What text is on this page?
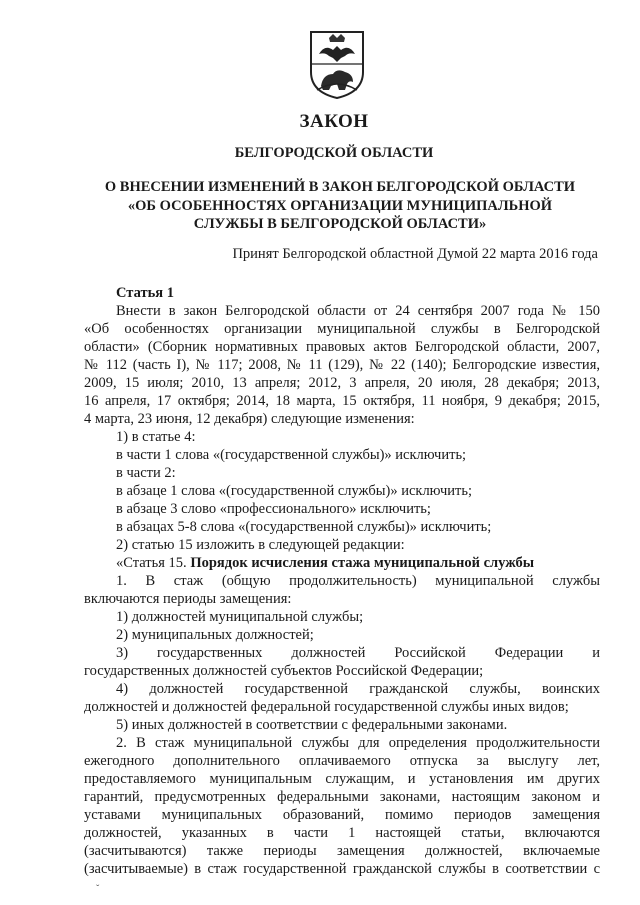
ЗАКОН
БЕЛГОРОДСКОЙ ОБЛАСТИ
О ВНЕСЕНИИ ИЗМЕНЕНИЙ В ЗАКОН БЕЛГОРОДСКОЙ ОБЛАСТИ
«ОБ ОСОБЕННОСТЯХ ОРГАНИЗАЦИИ МУНИЦИПАЛЬНОЙ
СЛУЖБЫ В БЕЛГОРОДСКОЙ ОБЛАСТИ»
Принят Белгородской областной Думой 22 марта 2016 года
Статья 1
Внести в закон Белгородской области от 24 сентября 2007 года № 150
«Об особенностях организации муниципальной службы в Белгородской
области» (Сборник нормативных правовых актов Белгородской области, 2007,
№ 112 (часть I), № 117; 2008, № 11 (129), № 22 (140); Белгородские известия,
2009, 15 июля; 2010, 13 апреля; 2012, 3 апреля, 20 июля, 28 декабря; 2013,
16 апреля, 17 октября; 2014, 18 марта, 15 октября, 11 ноября, 9 декабря; 2015,
4 марта, 23 июня, 12 декабря) следующие изменения:
1) в статье 4:
в части 1 слова «(государственной службы)» исключить;
в части 2:
в абзаце 1 слова «(государственной службы)» исключить;
в абзаце 3 слово «профессионального» исключить;
в абзацах 5-8 слова «(государственной службы)» исключить;
2) статью 15 изложить в следующей редакции:
«Статья 15. Порядок исчисления стажа муниципальной службы
1. В стаж (общую продолжительность) муниципальной службы
включаются периоды замещения:
1) должностей муниципальной службы;
2) муниципальных должностей;
3) государственных должностей Российской Федерации и
государственных должностей субъектов Российской Федерации;
4) должностей государственной гражданской службы, воинских
должностей и должностей федеральной государственной службы иных видов;
5) иных должностей в соответствии с федеральными законами.
2. В стаж муниципальной службы для определения продолжительности
ежегодного дополнительного оплачиваемого отпуска за выслугу лет,
предоставляемого муниципальным служащим, и установления им других
гарантий, предусмотренных федеральными законами, настоящим законом и
уставами муниципальных образований, помимо периодов замещения
должностей, указанных в части 1 настоящей статьи, включаются
(засчитываются) также периоды замещения должностей, включаемые
(засчитываемые) в стаж государственной гражданской службы в соответствии с
ˇ
